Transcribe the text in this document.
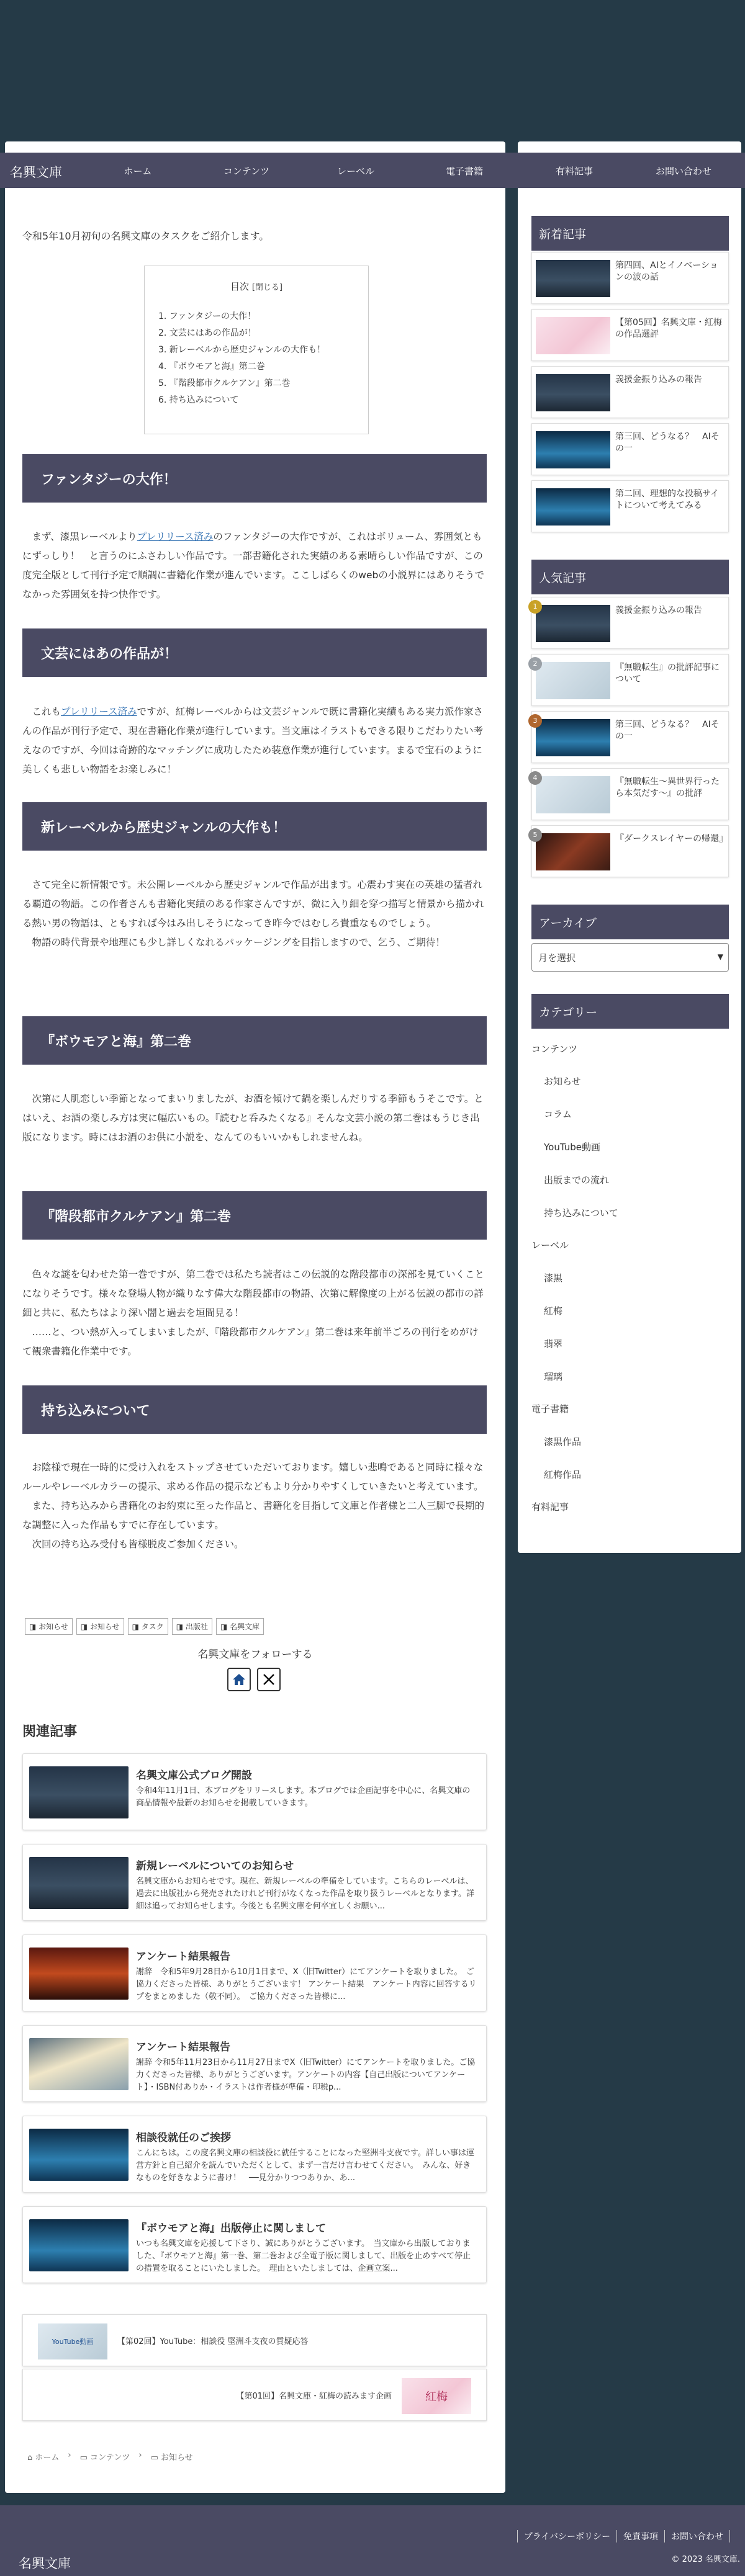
名興文庫	ホーム	コンテンツ	レーベル	電子書籍	有料記事	お問い合わせ
令和5年10月初旬の名興文庫のタスクをご紹介します。
目次 [閉じる]
1. ファンタジーの大作！
2. 文芸にはあの作品が！
3. 新レーベルから歴史ジャンルの大作も！
4. 『ボウモアと海』第二巻
5. 『階段都市クルケアン』第二巻
6. 持ち込みについて
ファンタジーの大作！
　まず、漆黒レーベルよりプレリリース済みのファンタジーの大作ですが、これはボリューム、雰囲気ともにずっしり！　と言うのにふさわしい作品です。一部書籍化された実績のある素晴らしい作品ですが、この度完全版として刊行予定で順調に書籍化作業が進んでいます。ここしばらくのwebの小説界にはありそうでなかった雰囲気を持つ快作です。
文芸にはあの作品が！
　これもプレリリース済みですが、紅梅レーベルからは文芸ジャンルで既に書籍化実績もある実力派作家さんの作品が刊行予定で、現在書籍化作業が進行しています。当文庫はイラストもできる限りこだわりたい考えなのですが、今回は奇跡的なマッチングに成功したため装意作業が進行しています。まるで宝石のように美しくも悲しい物語をお楽しみに！
新レーベルから歴史ジャンルの大作も！
　さて完全に新情報です。未公開レーベルから歴史ジャンルで作品が出ます。心震わす実在の英雄の猛者れる覇道の物語。この作者さんも書籍化実績のある作家さんですが、微に入り細を穿つ描写と情景から描かれる熱い男の物語は、ともすれば今はみ出しそうになってき昨今ではむしろ貴重なものでしょう。
　物語の時代背景や地理にも少し詳しくなれるパッケージングを目指しますので、乞う、ご期待！
『ボウモアと海』第二巻
　次第に人肌恋しい季節となってまいりましたが、お酒を傾けて鍋を楽しんだりする季節もうそこです。とはいえ、お酒の楽しみ方は実に幅広いもの。『読むと呑みたくなる』そんな文芸小説の第二巻はもうじき出版になります。時にはお酒のお供に小説を、なんてのもいいかもしれませんね。
『階段都市クルケアン』第二巻
　色々な謎を匂わせた第一巻ですが、第二巻では私たち読者はこの伝説的な階段都市の深部を見ていくことになりそうです。様々な登場人物が織りなす偉大な階段都市の物語、次第に解像度の上がる伝説の都市の詳細と共に、私たちはより深い闇と過去を垣間見る！
　……と、つい熱が入ってしまいましたが、『階段都市クルケアン』第二巻は来年前半ごろの刊行をめがけて観衆書籍化作業中です。
持ち込みについて
　お陰様で現在一時的に受け入れをストップさせていただいております。嬉しい悲鳴であると同時に様々なルールやレーベルカラーの提示、求める作品の提示などもより分かりやすくしていきたいと考えています。
　また、持ち込みから書籍化のお約束に至った作品と、書籍化を目指して文庫と作者様と二人三脚で長期的な調整に入った作品もすでに存在しています。
　次回の持ち込み受付も皆様脱皮ご参加ください。
◨ お知らせ	◨ お知らせ	◨ タスク	◨ 出版社	◨ 名興文庫
名興文庫をフォローする
関連記事
名興文庫公式ブログ開設
令和4年11月1日、本ブログをリリースします。本ブログでは企画記事を中心に、名興文庫の商品情報や最新のお知らせを掲載していきます。
新規レーベルについてのお知らせ
名興文庫からお知らせです。現在、新規レーベルの準備をしています。こちらのレーベルは、過去に出版社から発売されたけれど刊行がなくなった作品を取り扱うレーベルとなります。詳細は追ってお知らせします。今後とも名興文庫を何卒宜しくお願い...
アンケート結果報告
謝辞　令和5年9月28日から10月1日まで、X（旧Twitter）にてアンケートを取りました。　ご協力くださった皆様、ありがとうございます！ アンケート結果　アンケート内容に回答するリプをまとめました（敬不同）。　ご協力くださった皆様に...
アンケート結果報告
謝辞 令和5年11月23日から11月27日までX（旧Twitter）にてアンケートを取りました。ご協力くださった皆様、ありがとうございます。アンケートの内容【自己出版についてアンケート】・ISBN付ありか・イラストは作者様が準備・印税p...
相談役就任のご挨拶
こんにちは。この度名興文庫の相談役に就任することになった堅洲斗支夜です。詳しい事は運営方針と自己紹介を読んでいただくとして、まず一言だけ言わせてください。　みんな、好きなものを好きなように書け！　──見分かりつつありか、あ...
『ボウモアと海』出版停止に関しまして
いつも名興文庫を応援して下さり、誠にありがとうございます。　当文庫から出版しておりました、『ボウモアと海』第一巻、第二巻および全電子版に関しまして、出版を止めすべて停止の措置を取ることにいたしました。　理由といたしましては、企画立案...
YouTube動画	【第02回】YouTube：相談役 堅洲斗支夜の質疑応答
【第01回】名興文庫・紅梅の読みます企画	紅梅
⌂ ホーム › ▭ コンテンツ › ▭ お知らせ
新着記事
第四回、AIとイノベーションの波の話
【第05回】名興文庫・紅梅の作品選評
義援金振り込みの報告
第三回、どうなる？　AIその一
第二回、理想的な投稿サイトについて考えてみる
人気記事
1	義援金振り込みの報告
2	『無職転生』の批評記事について
3	第三回、どうなる？　AIその一
4	『無職転生〜異世界行ったら本気だす〜』の批評
5	『ダークスレイヤーの帰還』
アーカイブ
月を選択	▼
カテゴリー
コンテンツ
お知らせ
コラム
YouTube動画
出版までの流れ
持ち込みについて
レーベル
漆黒
紅梅
翡翠
瑠璃
電子書籍
漆黒作品
紅梅作品
有料記事
プライバシーポリシー	免責事項	お問い合わせ
© 2023 名興文庫.
名興文庫
